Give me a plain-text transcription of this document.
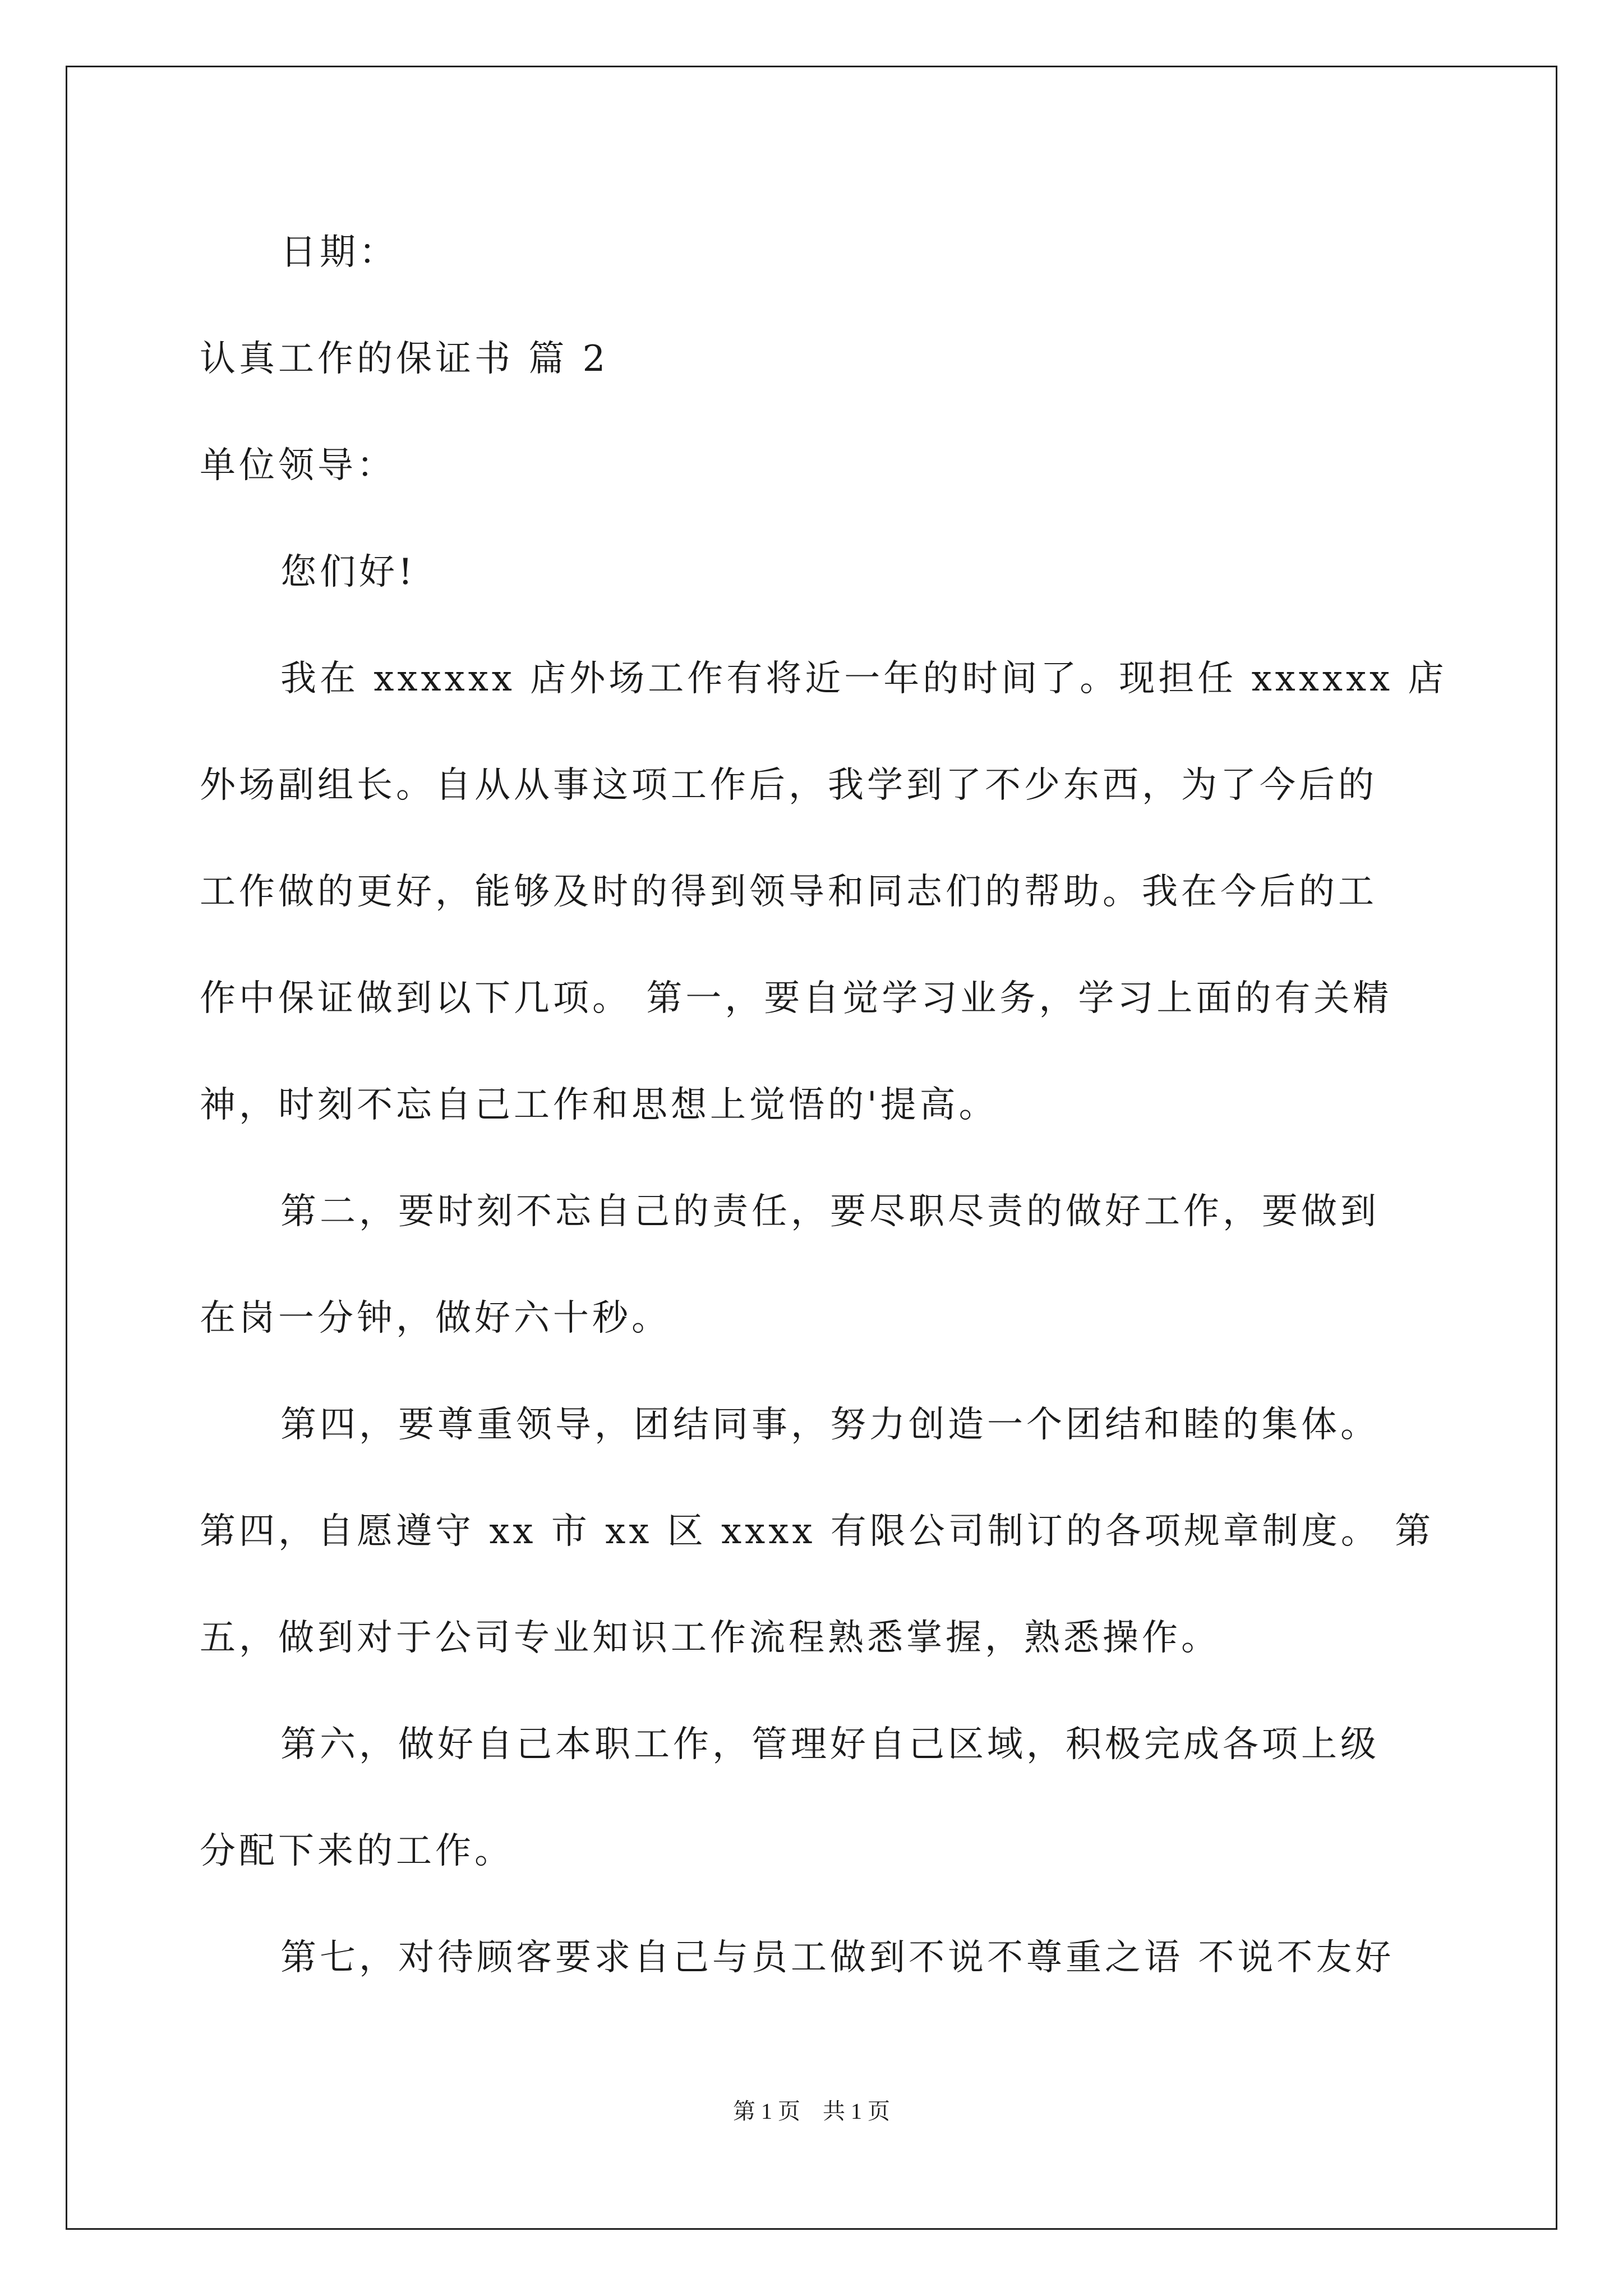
日期：
认真工作的保证书 篇 2
单位领导：
您们好!
我在 xxxxxx 店外场工作有将近一年的时间了。现担任 xxxxxx 店
外场副组长。自从从事这项工作后，我学到了不少东西，为了今后的
工作做的更好，能够及时的得到领导和同志们的帮助。我在今后的工
作中保证做到以下几项。 第一，要自觉学习业务，学习上面的有关精
神，时刻不忘自己工作和思想上觉悟的'提高。
第二，要时刻不忘自己的责任，要尽职尽责的做好工作，要做到
在岗一分钟，做好六十秒。
第四，要尊重领导，团结同事，努力创造一个团结和睦的集体。
第四，自愿遵守 xx 市 xx 区 xxxx 有限公司制订的各项规章制度。 第
五，做到对于公司专业知识工作流程熟悉掌握，熟悉操作。
第六，做好自己本职工作，管理好自己区域，积极完成各项上级
分配下来的工作。
第七，对待顾客要求自己与员工做到不说不尊重之语 不说不友好
第 1 页　共 1 页
